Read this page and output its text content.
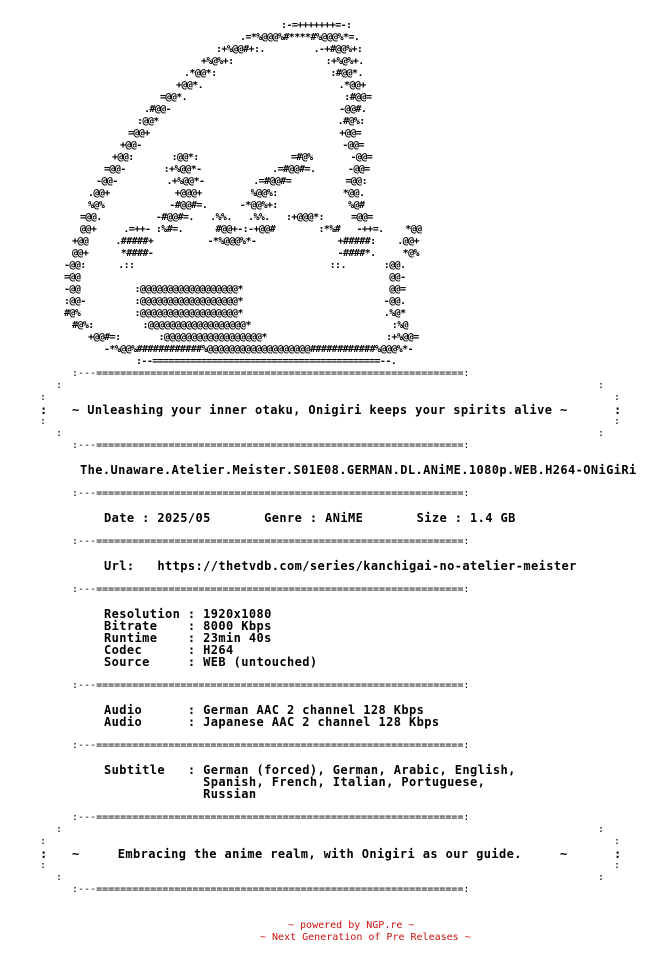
:-=+++++++=-:
.=*%@@@%#****#%@@@%*=.
:+%@@#+:.         .-+#@@%+:
+%@%+:                 :+%@%+.
.*@@*:                     :#@@*.
+@@*.                         .*@@+
=@@*.                             :#@@=
.#@@-                               -@@#.
:@@*                                 .#@%:
=@@+                                   +@@=
+@@-                                     -@@=
+@@:       :@@*:                 =#@%       -@@=
=@@-       :+%@@*-             .=#@@#=.      -@@=
-@@-         .+%@@*-         .=#@@#=          =@@:
.@@+            +@@@+         %@@%:            *@@.
%@%            -#@@#=.      -*@@%+:             %@#
=@@.          -#@@#=.   .%%.   .%%.   :+@@@*:     =@@=
@@+     .=++- :%#=.      #@@+-:-+@@#        :*%#   -++=.    *@@
+@@     .#####+          -*%@@@%*-               +#####:    .@@+
@@+      *####-                                  -####*.     *@%
-@@:      .::                                    ::.       :@@.
=@@                                                         @@-
-@@          :@@@@@@@@@@@@@@@@@@*                           @@=
:@@-         :@@@@@@@@@@@@@@@@@@*                          -@@.
#@%          :@@@@@@@@@@@@@@@@@@*                          .%@*
#@%:         :@@@@@@@@@@@@@@@@@@*                          :%@
+@@#=:       :@@@@@@@@@@@@@@@@@@*                      :+%@@=
-*%@@%############%@@@@@@@@@@@@@@@@@@@############%@@@%*-
:--==========================================--.
:---=============================================================:
:	:
:	:
: ~ Unleashing your inner otaku, Onigiri keeps your spirits alive ~	:
:	:
:	:
:---=============================================================:
The.Unaware.Atelier.Meister.S01E08.GERMAN.DL.ANiME.1080p.WEB.H264-ONiGiRi
:---=============================================================:
Date : 2025/05       Genre : ANiME       Size : 1.4 GB
:---=============================================================:
Url:   https://thetvdb.com/series/kanchigai-no-atelier-meister
:---=============================================================:
Resolution : 1920x1080
Bitrate    : 8000 Kbps
Runtime    : 23min 40s
Codec      : H264
Source     : WEB (untouched)
:---=============================================================:
Audio      : German AAC 2 channel 128 Kbps
Audio      : Japanese AAC 2 channel 128 Kbps
:---=============================================================:
Subtitle   : German (forced), German, Arabic, English,
Spanish, French, Italian, Portuguese,
Russian
:---=============================================================:
:	:
:	:
: ~     Embracing the anime realm, with Onigiri as our guide.     ~	:
:	:
:	:
:---=============================================================:
~ powered by NGP.re ~
~ Next Generation of Pre Releases ~
